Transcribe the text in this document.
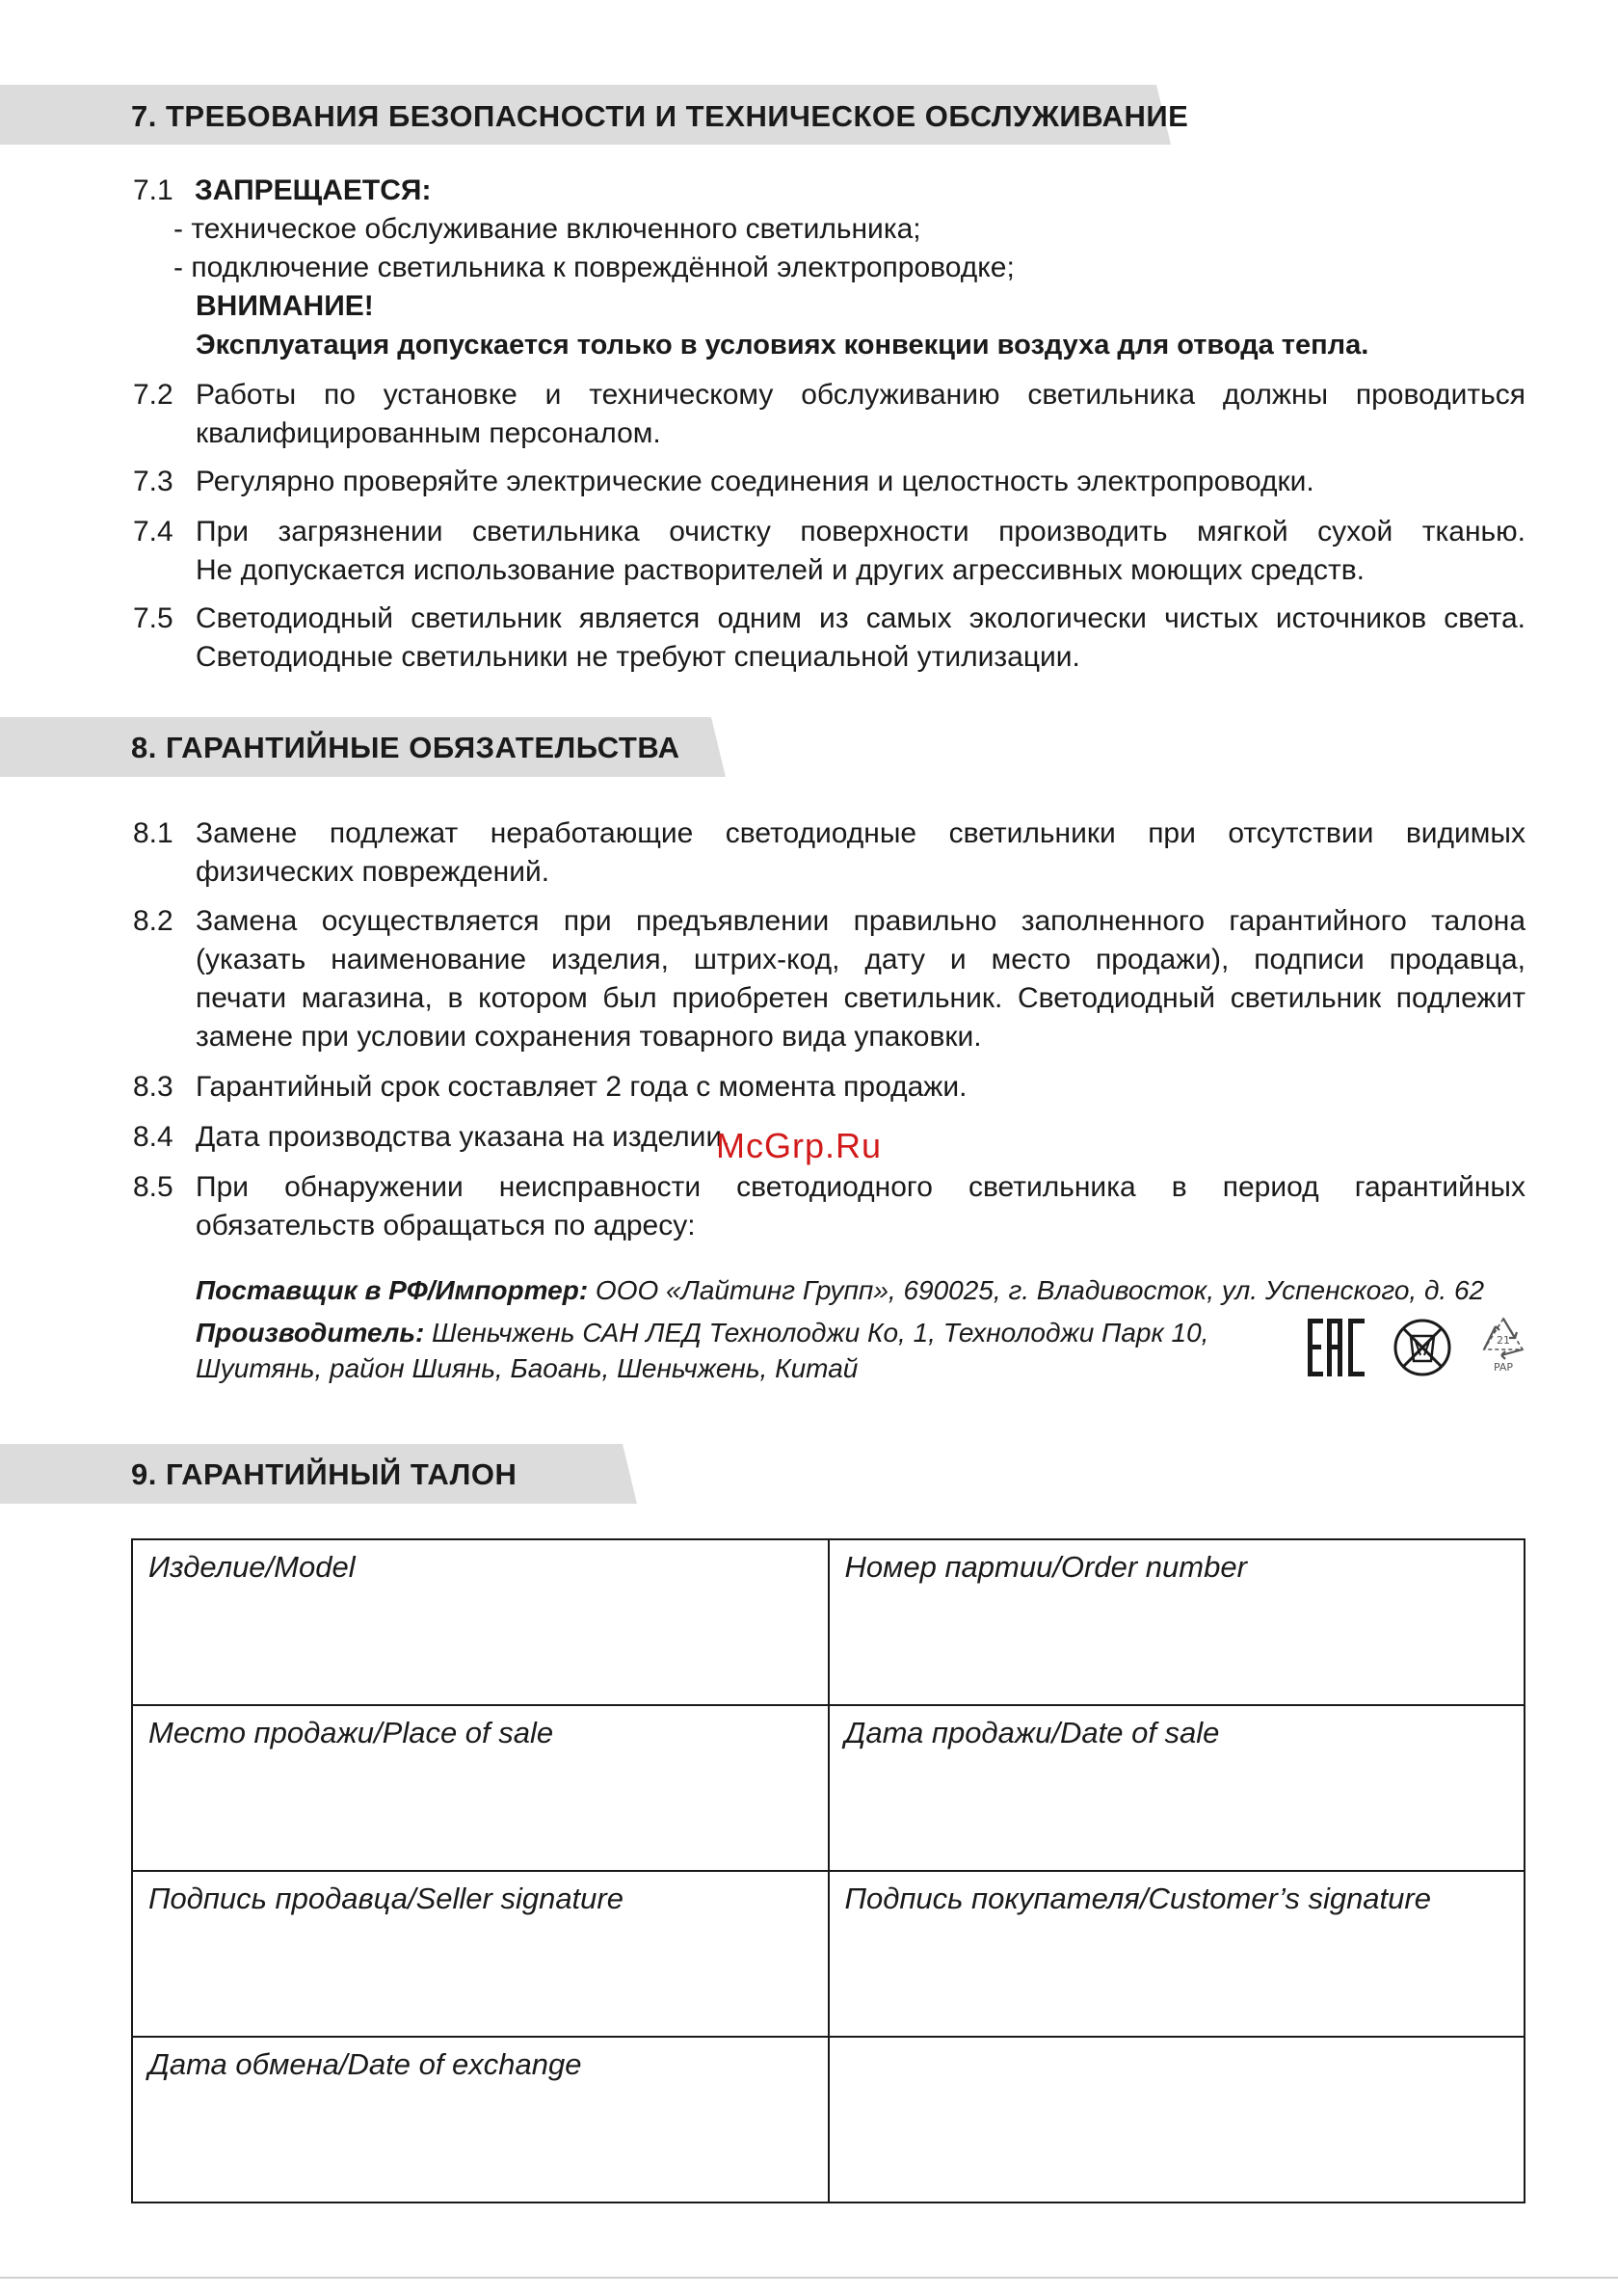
7. ТРЕБОВАНИЯ БЕЗОПАСНОСТИ И ТЕХНИЧЕСКОЕ ОБСЛУЖИВАНИЕ
7.1 ЗАПРЕЩАЕТСЯ:
- техническое обслуживание включенного светильника;
- подключение светильника к повреждённой электропроводке;
ВНИМАНИЕ!
Эксплуатация допускается только в условиях конвекции воздуха для отвода тепла.
7.2 Работы по установке и техническому обслуживанию светильника должны проводиться
квалифицированным персоналом.
7.3 Регулярно проверяйте электрические соединения и целостность электропроводки.
7.4 При загрязнении светильника очистку поверхности производить мягкой сухой тканью.
Не допускается использование растворителей и других агрессивных моющих средств.
7.5 Светодиодный светильник является одним из самых экологически чистых источников света.
Светодиодные светильники не требуют специальной утилизации.
8. ГАРАНТИЙНЫЕ ОБЯЗАТЕЛЬСТВА
8.1 Замене подлежат неработающие светодиодные светильники при отсутствии видимых
физических повреждений.
8.2 Замена осуществляется при предъявлении правильно заполненного гарантийного талона
(указать наименование изделия, штрих-код, дату и место продажи), подписи продавца,
печати магазина, в котором был приобретен светильник. Светодиодный светильник подлежит
замене при условии сохранения товарного вида упаковки.
8.3 Гарантийный срок составляет 2 года с момента продажи.
8.4 Дата производства указана на изделии.
McGrp.Ru
8.5 При обнаружении неисправности светодиодного светильника в период гарантийных
обязательств обращаться по адресу:
Поставщик в РФ/Импортер: ООО «Лайтинг Групп», 690025, г. Владивосток, ул. Успенского, д. 62
Производитель: Шеньчжень САН ЛЕД Технолоджи Ко, 1, Технолоджи Парк 10,
Шуитянь, район Шиянь, Баоань, Шеньчжень, Китай
21
PAP
9. ГАРАНТИЙНЫЙ ТАЛОН
Изделие/Model	Номер партии/Order number
Место продажи/Place of sale	Дата продажи/Date of sale
Подпись продавца/Seller signature	Подпись покупателя/Customer’s signature
Дата обмена/Date of exchange	
